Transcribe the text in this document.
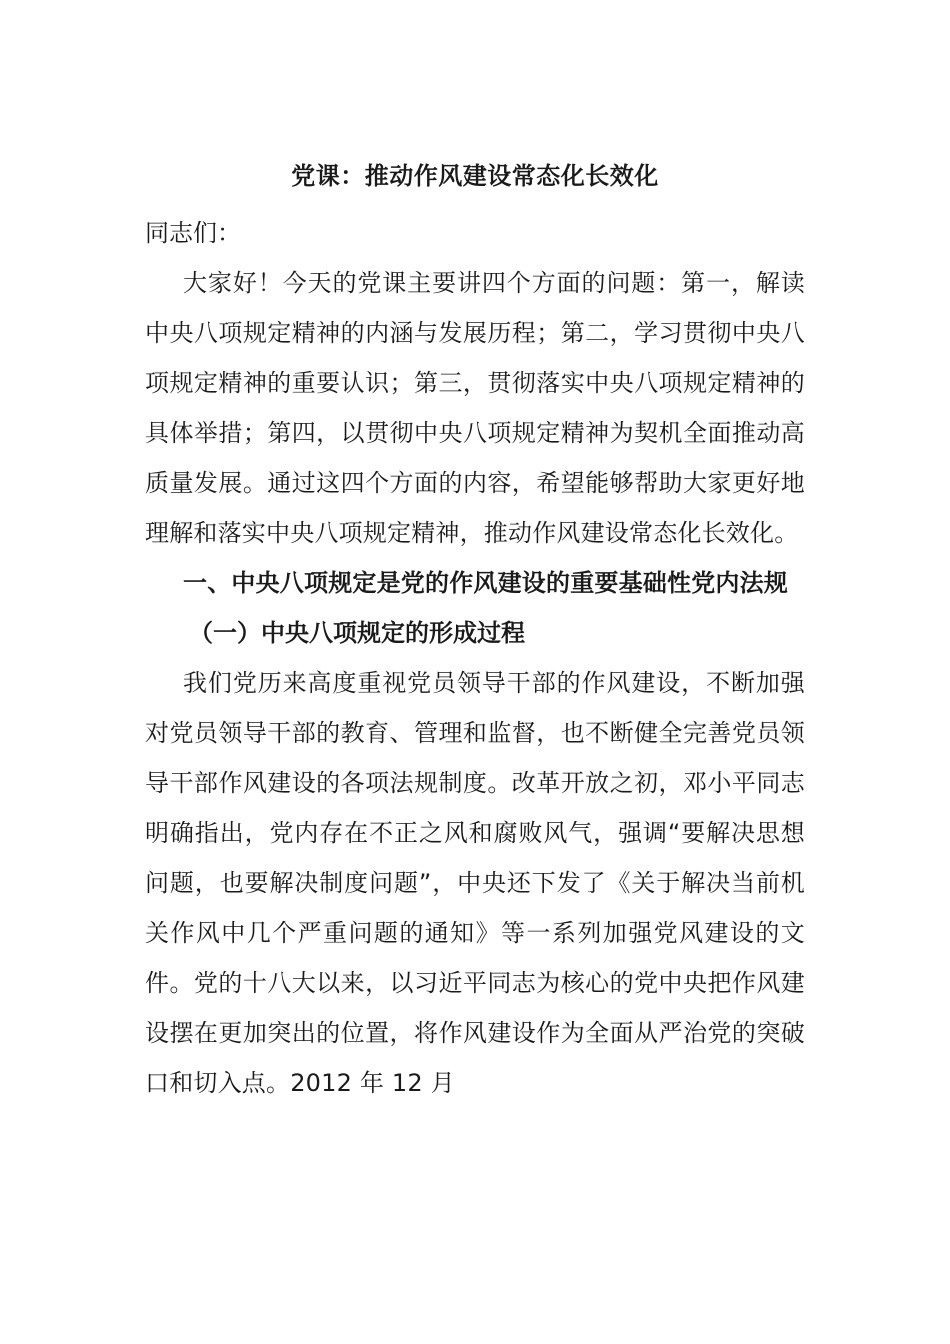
党课：推动作风建设常态化长效化
同志们：
大家好！今天的党课主要讲四个方面的问题：第一，解读中央八项规定精神的内涵与发展历程；第二，学习贯彻中央八项规定精神的重要认识；第三，贯彻落实中央八项规定精神的具体举措；第四，以贯彻中央八项规定精神为契机全面推动高质量发展。通过这四个方面的内容，希望能够帮助大家更好地理解和落实中央八项规定精神，推动作风建设常态化长效化。
一、中央八项规定是党的作风建设的重要基础性党内法规
（一）中央八项规定的形成过程
我们党历来高度重视党员领导干部的作风建设，不断加强对党员领导干部的教育、管理和监督，也不断健全完善党员领导干部作风建设的各项法规制度。改革开放之初，邓小平同志明确指出，党内存在不正之风和腐败风气，强调“要解决思想问题，也要解决制度问题”，中央还下发了《关于解决当前机关作风中几个严重问题的通知》等一系列加强党风建设的文件。党的十八大以来，以习近平同志为核心的党中央把作风建设摆在更加突出的位置，将作风建设作为全面从严治党的突破口和切入点。2012 年 12 月
